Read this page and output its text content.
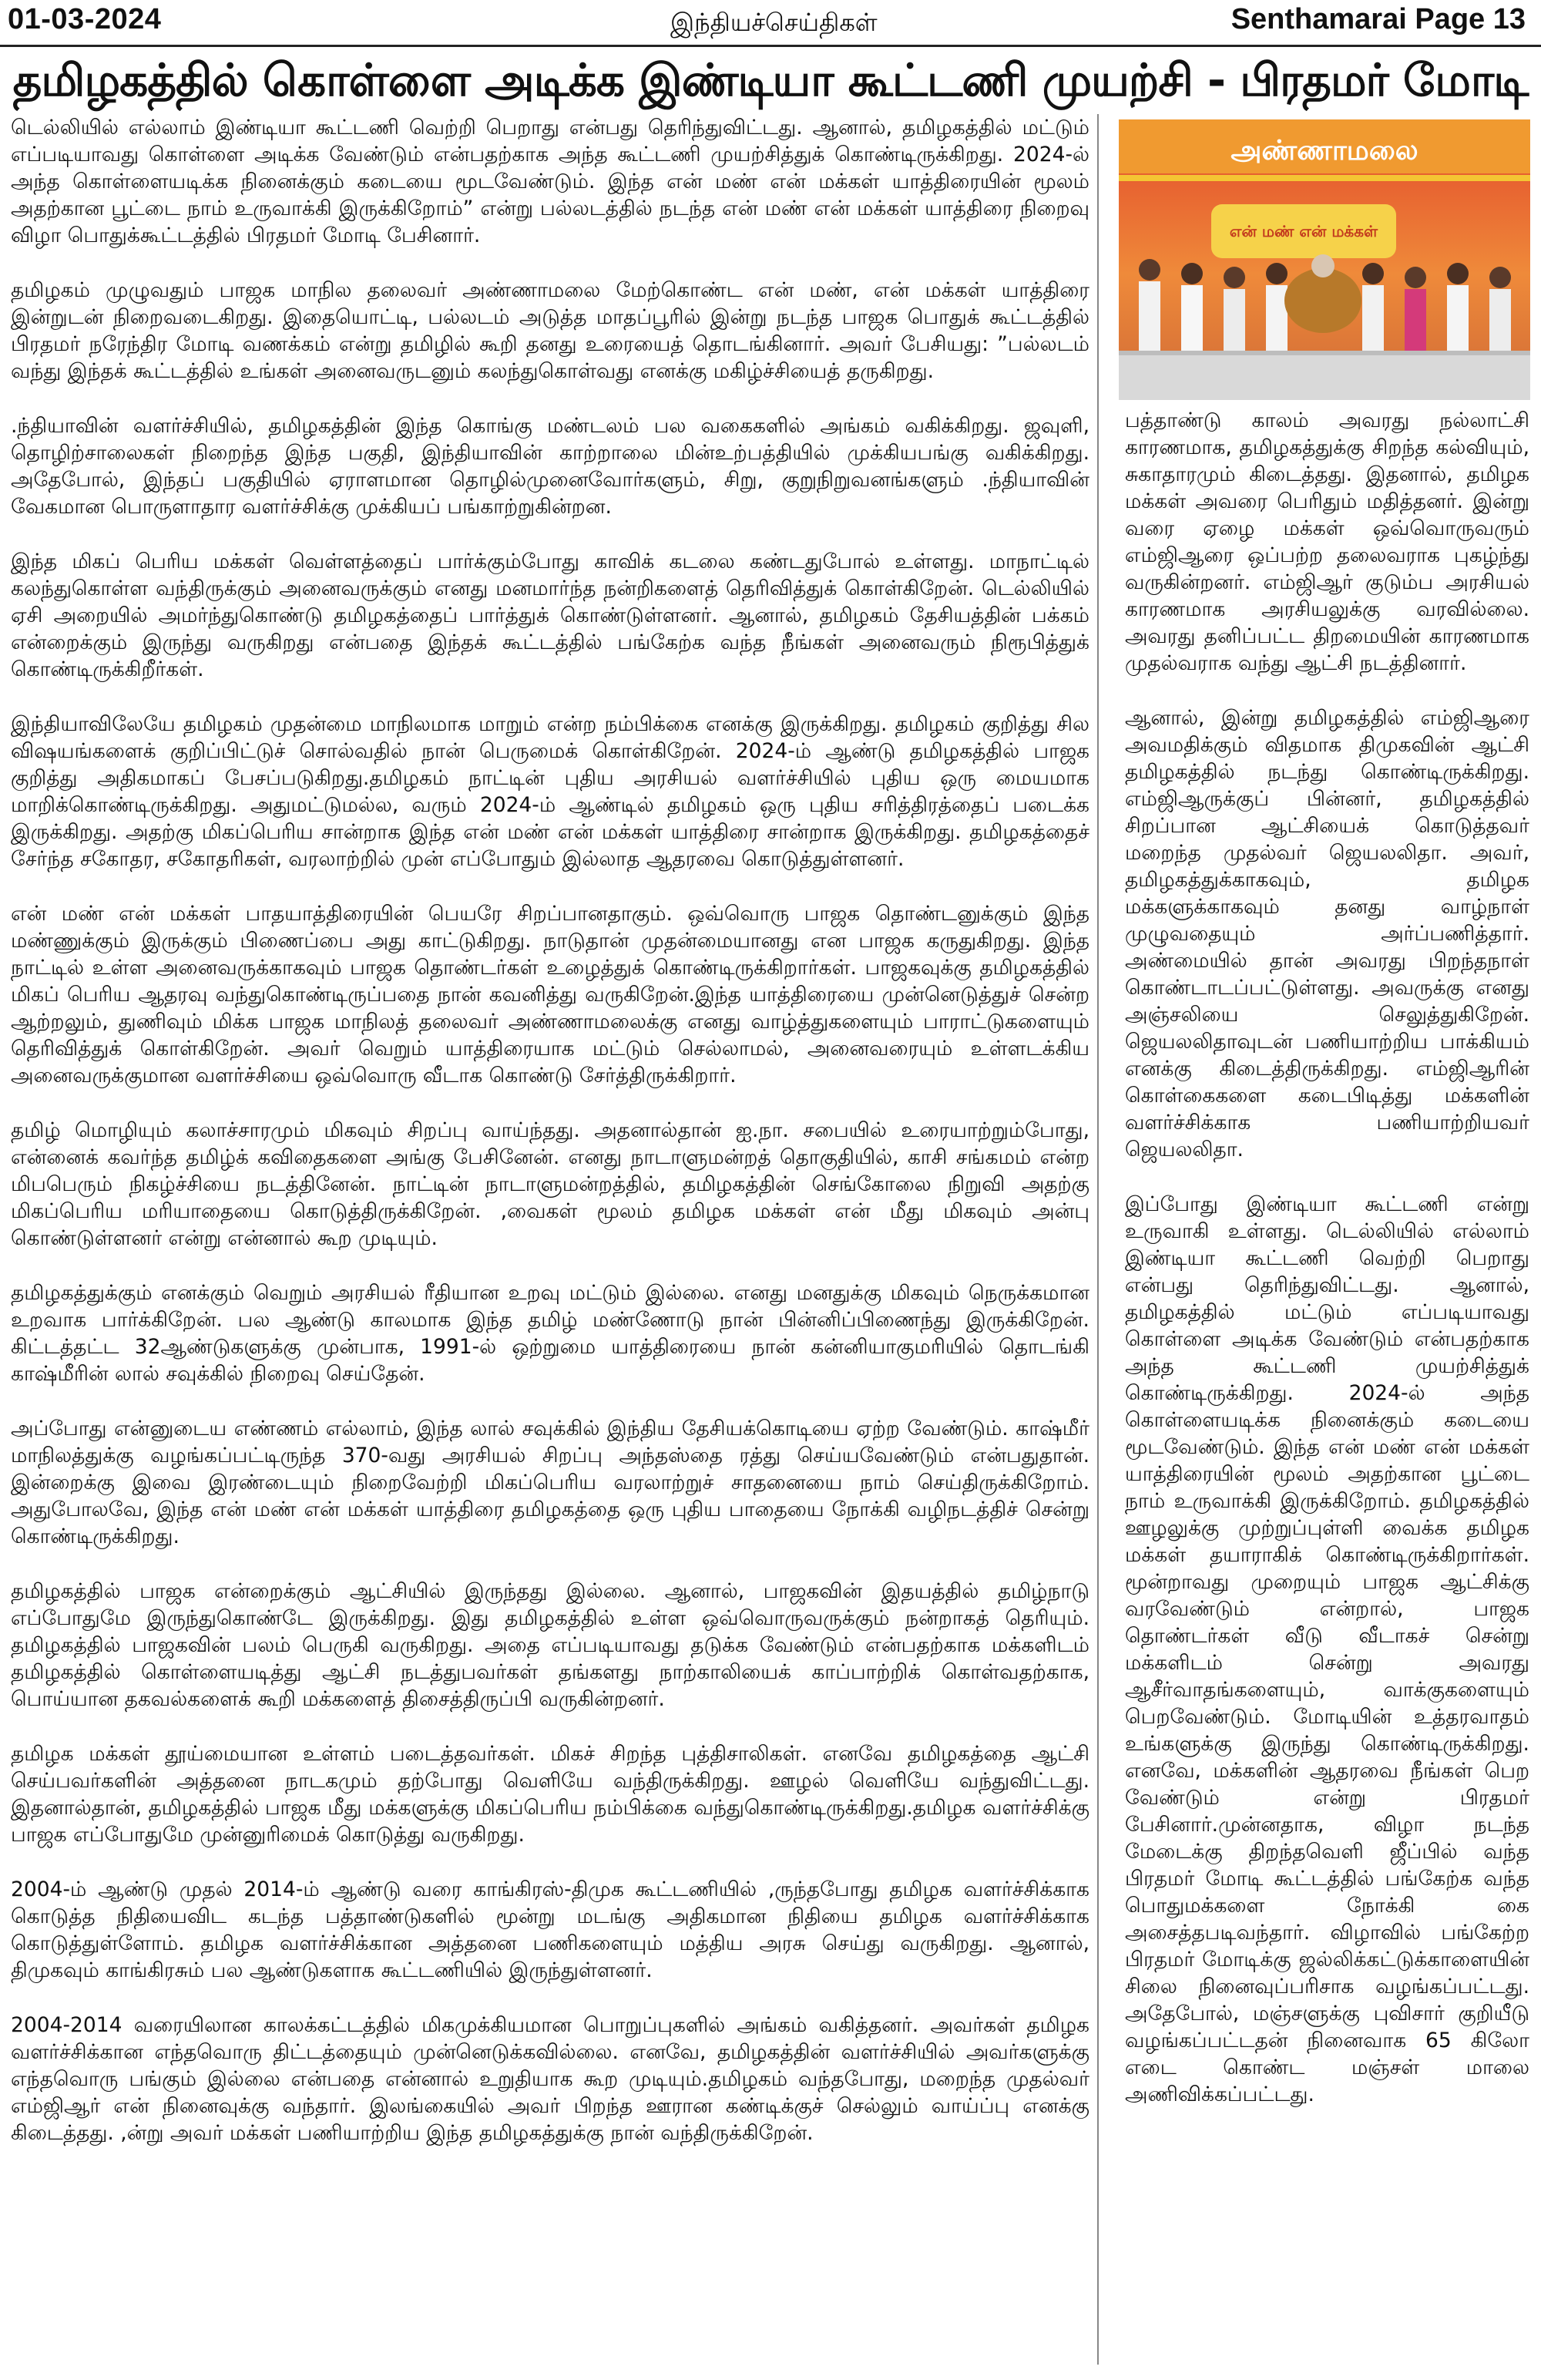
01-03-2024	இந்தியச்செய்திகள்	Senthamarai Page 13
தமிழகத்தில் கொள்ளை அடிக்க இண்டியா கூட்டணி முயற்சி - பிரதமர் மோடி

டெல்லியில் எல்லாம் இண்டியா கூட்டணி வெற்றி பெறாது என்பது தெரிந்துவிட்டது. ஆனால், தமிழகத்தில் மட்டும் எப்படியாவது கொள்ளை அடிக்க வேண்டும் என்பதற்காக அந்த கூட்டணி முயற்சித்துக் கொண்டிருக்கிறது. 2024-ல் அந்த கொள்ளையடிக்க நினைக்கும் கடையை மூடவேண்டும். இந்த என் மண் என் மக்கள் யாத்திரையின் மூலம் அதற்கான பூட்டை நாம் உருவாக்கி இருக்கிறோம்” என்று பல்லடத்தில் நடந்த என் மண் என் மக்கள் யாத்திரை நிறைவு விழா பொதுக்கூட்டத்தில் பிரதமர் மோடி பேசினார்.

தமிழகம் முழுவதும் பாஜக மாநில தலைவர் அண்ணாமலை மேற்கொண்ட என் மண், என் மக்கள் யாத்திரை இன்றுடன் நிறைவடைகிறது. இதையொட்டி, பல்லடம் அடுத்த மாதப்பூரில் இன்று நடந்த பாஜக பொதுக் கூட்டத்தில் பிரதமர் நரேந்திர மோடி வணக்கம் என்று தமிழில் கூறி தனது உரையைத் தொடங்கினார். அவர் பேசியது: ”பல்லடம் வந்து இந்தக் கூட்டத்தில் உங்கள் அனைவருடனும் கலந்துகொள்வது எனக்கு மகிழ்ச்சியைத் தருகிறது.

.ந்தியாவின் வளர்ச்சியில், தமிழகத்தின் இந்த கொங்கு மண்டலம் பல வகைகளில் அங்கம் வகிக்கிறது. ஜவுளி, தொழிற்சாலைகள் நிறைந்த இந்த பகுதி, இந்தியாவின் காற்றாலை மின்உற்பத்தியில் முக்கியபங்கு வகிக்கிறது. அதேபோல், இந்தப் பகுதியில் ஏராளமான தொழில்முனைவோர்களும், சிறு, குறுநிறுவனங்களும் .ந்தியாவின் வேகமான பொருளாதார வளர்ச்சிக்கு முக்கியப் பங்காற்றுகின்றன.

இந்த மிகப் பெரிய மக்கள் வெள்ளத்தைப் பார்க்கும்போது காவிக் கடலை கண்டதுபோல் உள்ளது. மாநாட்டில் கலந்துகொள்ள வந்திருக்கும் அனைவருக்கும் எனது மனமார்ந்த நன்றிகளைத் தெரிவித்துக் கொள்கிறேன். டெல்லியில் ஏசி அறையில் அமர்ந்துகொண்டு தமிழகத்தைப் பார்த்துக் கொண்டுள்ளனர். ஆனால், தமிழகம் தேசியத்தின் பக்கம் என்றைக்கும் இருந்து வருகிறது என்பதை இந்தக் கூட்டத்தில் பங்கேற்க வந்த நீங்கள் அனைவரும் நிரூபித்துக் கொண்டிருக்கிறீர்கள்.

இந்தியாவிலேயே தமிழகம் முதன்மை மாநிலமாக மாறும் என்ற நம்பிக்கை எனக்கு இருக்கிறது. தமிழகம் குறித்து சில விஷயங்களைக் குறிப்பிட்டுச் சொல்வதில் நான் பெருமைக் கொள்கிறேன். 2024-ம் ஆண்டு தமிழகத்தில் பாஜக குறித்து அதிகமாகப் பேசப்படுகிறது.தமிழகம் நாட்டின் புதிய அரசியல் வளர்ச்சியில் புதிய ஒரு மையமாக மாறிக்கொண்டிருக்கிறது. அதுமட்டுமல்ல, வரும் 2024-ம் ஆண்டில் தமிழகம் ஒரு புதிய சரித்திரத்தைப் படைக்க இருக்கிறது. அதற்கு மிகப்பெரிய சான்றாக இந்த என் மண் என் மக்கள் யாத்திரை சான்றாக இருக்கிறது. தமிழகத்தைச் சேர்ந்த சகோதர, சகோதரிகள், வரலாற்றில் முன் எப்போதும் இல்லாத ஆதரவை கொடுத்துள்ளனர்.

என் மண் என் மக்கள் பாதயாத்திரையின் பெயரே சிறப்பானதாகும். ஒவ்வொரு பாஜக தொண்டனுக்கும் இந்த மண்ணுக்கும் இருக்கும் பிணைப்பை அது காட்டுகிறது. நாடுதான் முதன்மையானது என பாஜக கருதுகிறது. இந்த நாட்டில் உள்ள அனைவருக்காகவும் பாஜக தொண்டர்கள் உழைத்துக் கொண்டிருக்கிறார்கள். பாஜகவுக்கு தமிழகத்தில் மிகப் பெரிய ஆதரவு வந்துகொண்டிருப்பதை நான் கவனித்து வருகிறேன்.இந்த யாத்திரையை முன்னெடுத்துச் சென்ற ஆற்றலும், துணிவும் மிக்க பாஜக மாநிலத் தலைவர் அண்ணாமலைக்கு எனது வாழ்த்துகளையும் பாராட்டுகளையும் தெரிவித்துக் கொள்கிறேன். அவர் வெறும் யாத்திரையாக மட்டும் செல்லாமல், அனைவரையும் உள்ளடக்கிய அனைவருக்குமான வளர்ச்சியை ஒவ்வொரு வீடாக கொண்டு சேர்த்திருக்கிறார்.

தமிழ் மொழியும் கலாச்சாரமும் மிகவும் சிறப்பு வாய்ந்தது. அதனால்தான் ஐ.நா. சபையில் உரையாற்றும்போது, என்னைக் கவர்ந்த தமிழ்க் கவிதைகளை அங்கு பேசினேன். எனது நாடாளுமன்றத் தொகுதியில், காசி சங்கமம் என்ற மிபபெரும் நிகழ்ச்சியை நடத்தினேன். நாட்டின் நாடாளுமன்றத்தில், தமிழகத்தின் செங்கோலை நிறுவி அதற்கு மிகப்பெரிய மரியாதையை கொடுத்திருக்கிறேன். ,வைகள் மூலம் தமிழக மக்கள் என் மீது மிகவும் அன்பு கொண்டுள்ளனர் என்று என்னால் கூற முடியும்.

தமிழகத்துக்கும் எனக்கும் வெறும் அரசியல் ரீதியான உறவு மட்டும் இல்லை. எனது மனதுக்கு மிகவும் நெருக்கமான உறவாக பார்க்கிறேன். பல ஆண்டு காலமாக இந்த தமிழ் மண்ணோடு நான் பின்னிப்பிணைந்து இருக்கிறேன். கிட்டத்தட்ட 32ஆண்டுகளுக்கு முன்பாக, 1991-ல் ஒற்றுமை யாத்திரையை நான் கன்னியாகுமரியில் தொடங்கி காஷ்மீரின் லால் சவுக்கில் நிறைவு செய்தேன்.

அப்போது என்னுடைய எண்ணம் எல்லாம், இந்த லால் சவுக்கில் இந்திய தேசியக்கொடியை ஏற்ற வேண்டும். காஷ்மீர் மாநிலத்துக்கு வழங்கப்பட்டிருந்த 370-வது அரசியல் சிறப்பு அந்தஸ்தை ரத்து செய்யவேண்டும் என்பதுதான். இன்றைக்கு இவை இரண்டையும் நிறைவேற்றி மிகப்பெரிய வரலாற்றுச் சாதனையை நாம் செய்திருக்கிறோம். அதுபோலவே, இந்த என் மண் என் மக்கள் யாத்திரை தமிழகத்தை ஒரு புதிய பாதையை நோக்கி வழிநடத்திச் சென்று கொண்டிருக்கிறது.

தமிழகத்தில் பாஜக என்றைக்கும் ஆட்சியில் இருந்தது இல்லை. ஆனால், பாஜகவின் இதயத்தில் தமிழ்நாடு எப்போதுமே இருந்துகொண்டே இருக்கிறது. இது தமிழகத்தில் உள்ள ஒவ்வொருவருக்கும் நன்றாகத் தெரியும். தமிழகத்தில் பாஜகவின் பலம் பெருகி வருகிறது. அதை எப்படியாவது தடுக்க வேண்டும் என்பதற்காக மக்களிடம் தமிழகத்தில் கொள்ளையடித்து ஆட்சி நடத்துபவர்கள் தங்களது நாற்காலியைக் காப்பாற்றிக் கொள்வதற்காக, பொய்யான தகவல்களைக் கூறி மக்களைத் திசைத்திருப்பி வருகின்றனர்.

தமிழக மக்கள் தூய்மையான உள்ளம் படைத்தவர்கள். மிகச் சிறந்த புத்திசாலிகள். எனவே தமிழகத்தை ஆட்சி செய்பவர்களின் அத்தனை நாடகமும் தற்போது வெளியே வந்திருக்கிறது. ஊழல் வெளியே வந்துவிட்டது. இதனால்தான், தமிழகத்தில் பாஜக மீது மக்களுக்கு மிகப்பெரிய நம்பிக்கை வந்துகொண்டிருக்கிறது.தமிழக வளர்ச்சிக்கு பாஜக எப்போதுமே முன்னுரிமைக் கொடுத்து வருகிறது.

2004-ம் ஆண்டு முதல் 2014-ம் ஆண்டு வரை காங்கிரஸ்-திமுக கூட்டணியில் ,ருந்தபோது தமிழக வளர்ச்சிக்காக கொடுத்த நிதியைவிட கடந்த பத்தாண்டுகளில் மூன்று மடங்கு அதிகமான நிதியை தமிழக வளர்ச்சிக்காக கொடுத்துள்ளோம். தமிழக வளர்ச்சிக்கான அத்தனை பணிகளையும் மத்திய அரசு செய்து வருகிறது. ஆனால், திமுகவும் காங்கிரசும் பல ஆண்டுகளாக கூட்டணியில் இருந்துள்ளனர்.

2004-2014 வரையிலான காலக்கட்டத்தில் மிகமுக்கியமான பொறுப்புகளில் அங்கம் வகித்தனர். அவர்கள் தமிழக வளர்ச்சிக்கான எந்தவொரு திட்டத்தையும் முன்னெடுக்கவில்லை. எனவே, தமிழகத்தின் வளர்ச்சியில் அவர்களுக்கு எந்தவொரு பங்கும் இல்லை என்பதை என்னால் உறுதியாக கூற முடியும்.தமிழகம் வந்தபோது, மறைந்த முதல்வர் எம்ஜிஆர் என் நினைவுக்கு வந்தார். இலங்கையில் அவர் பிறந்த ஊரான கண்டிக்குச் செல்லும் வாய்ப்பு எனக்கு கிடைத்தது. ,ன்று அவர் மக்கள் பணியாற்றிய இந்த தமிழகத்துக்கு நான் வந்திருக்கிறேன்.

அண்ணாமலை
என் மண் என் மக்கள்

பத்தாண்டு காலம் அவரது நல்லாட்சி காரணமாக, தமிழகத்துக்கு சிறந்த கல்வியும், சுகாதாரமும் கிடைத்தது. இதனால், தமிழக மக்கள் அவரை பெரிதும் மதித்தனர். இன்று வரை ஏழை மக்கள் ஒவ்வொருவரும் எம்ஜிஆரை ஒப்பற்ற தலைவராக புகழ்ந்து வருகின்றனர். எம்ஜிஆர் குடும்ப அரசியல் காரணமாக அரசியலுக்கு வரவில்லை. அவரது தனிப்பட்ட திறமையின் காரணமாக முதல்வராக வந்து ஆட்சி நடத்தினார்.

ஆனால், இன்று தமிழகத்தில் எம்ஜிஆரை அவமதிக்கும் விதமாக திமுகவின் ஆட்சி தமிழகத்தில் நடந்து கொண்டிருக்கிறது. எம்ஜிஆருக்குப் பின்னர், தமிழகத்தில் சிறப்பான ஆட்சியைக் கொடுத்தவர் மறைந்த முதல்வர் ஜெயலலிதா. அவர், தமிழகத்துக்காகவும், தமிழக மக்களுக்காகவும் தனது வாழ்நாள் முழுவதையும் அர்ப்பணித்தார். அண்மையில் தான் அவரது பிறந்தநாள் கொண்டாடப்பட்டுள்ளது. அவருக்கு எனது அஞ்சலியை செலுத்துகிறேன். ஜெயலலிதாவுடன் பணியாற்றிய பாக்கியம் எனக்கு கிடைத்திருக்கிறது. எம்ஜிஆரின் கொள்கைகளை கடைபிடித்து மக்களின் வளர்ச்சிக்காக பணியாற்றியவர் ஜெயலலிதா.

இப்போது இண்டியா கூட்டணி என்று உருவாகி உள்ளது. டெல்லியில் எல்லாம் இண்டியா கூட்டணி வெற்றி பெறாது என்பது தெரிந்துவிட்டது. ஆனால், தமிழகத்தில் மட்டும் எப்படியாவது கொள்ளை அடிக்க வேண்டும் என்பதற்காக அந்த கூட்டணி முயற்சித்துக் கொண்டிருக்கிறது. 2024-ல் அந்த கொள்ளையடிக்க நினைக்கும் கடையை மூடவேண்டும். இந்த என் மண் என் மக்கள் யாத்திரையின் மூலம் அதற்கான பூட்டை நாம் உருவாக்கி இருக்கிறோம். தமிழகத்தில் ஊழலுக்கு முற்றுப்புள்ளி வைக்க தமிழக மக்கள் தயாராகிக் கொண்டிருக்கிறார்கள். மூன்றாவது முறையும் பாஜக ஆட்சிக்கு வரவேண்டும் என்றால், பாஜக தொண்டர்கள் வீடு வீடாகச் சென்று மக்களிடம் சென்று அவரது ஆசீர்வாதங்களையும், வாக்குகளையும் பெறவேண்டும். மோடியின் உத்தரவாதம் உங்களுக்கு இருந்து கொண்டிருக்கிறது. எனவே, மக்களின் ஆதரவை நீங்கள் பெற வேண்டும் என்று பிரதமர் பேசினார்.முன்னதாக, விழா நடந்த மேடைக்கு திறந்தவெளி ஜீப்பில் வந்த பிரதமர் மோடி கூட்டத்தில் பங்கேற்க வந்த பொதுமக்களை நோக்கி கை அசைத்தபடிவந்தார். விழாவில் பங்கேற்ற பிரதமர் மோடிக்கு ஜல்லிக்கட்டுக்காளையின் சிலை நினைவுப்பரிசாக வழங்கப்பட்டது. அதேபோல், மஞ்சளுக்கு புவிசார் குறியீடு வழங்கப்பட்டதன் நினைவாக 65 கிலோ எடை கொண்ட மஞ்சள் மாலை அணிவிக்கப்பட்டது.
